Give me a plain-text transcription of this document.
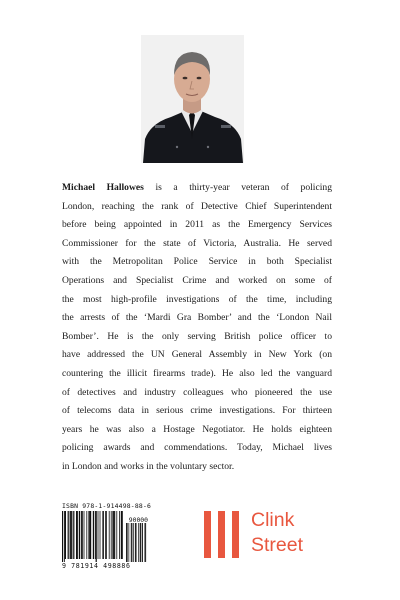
Michael Hallowes is a thirty-year veteran of policing
London, reaching the rank of Detective Chief Superintendent
before being appointed in 2011 as the Emergency Services
Commissioner for the state of Victoria, Australia. He served
with the Metropolitan Police Service in both Specialist
Operations and Specialist Crime and worked on some of
the most high-profile investigations of the time, including
the arrests of the ‘Mardi Gra Bomber’ and the ‘London Nail
Bomber’. He is the only serving British police officer to
have addressed the UN General Assembly in New York (on
countering the illicit firearms trade). He also led the vanguard
of detectives and industry colleagues who pioneered the use
of telecoms data in serious crime investigations. For thirteen
years he was also a Hostage Negotiator. He holds eighteen
policing awards and commendations. Today, Michael lives
in London and works in the voluntary sector.
ISBN 978-1-914498-88-6
90000
9 781914 498886
Clink
Street
